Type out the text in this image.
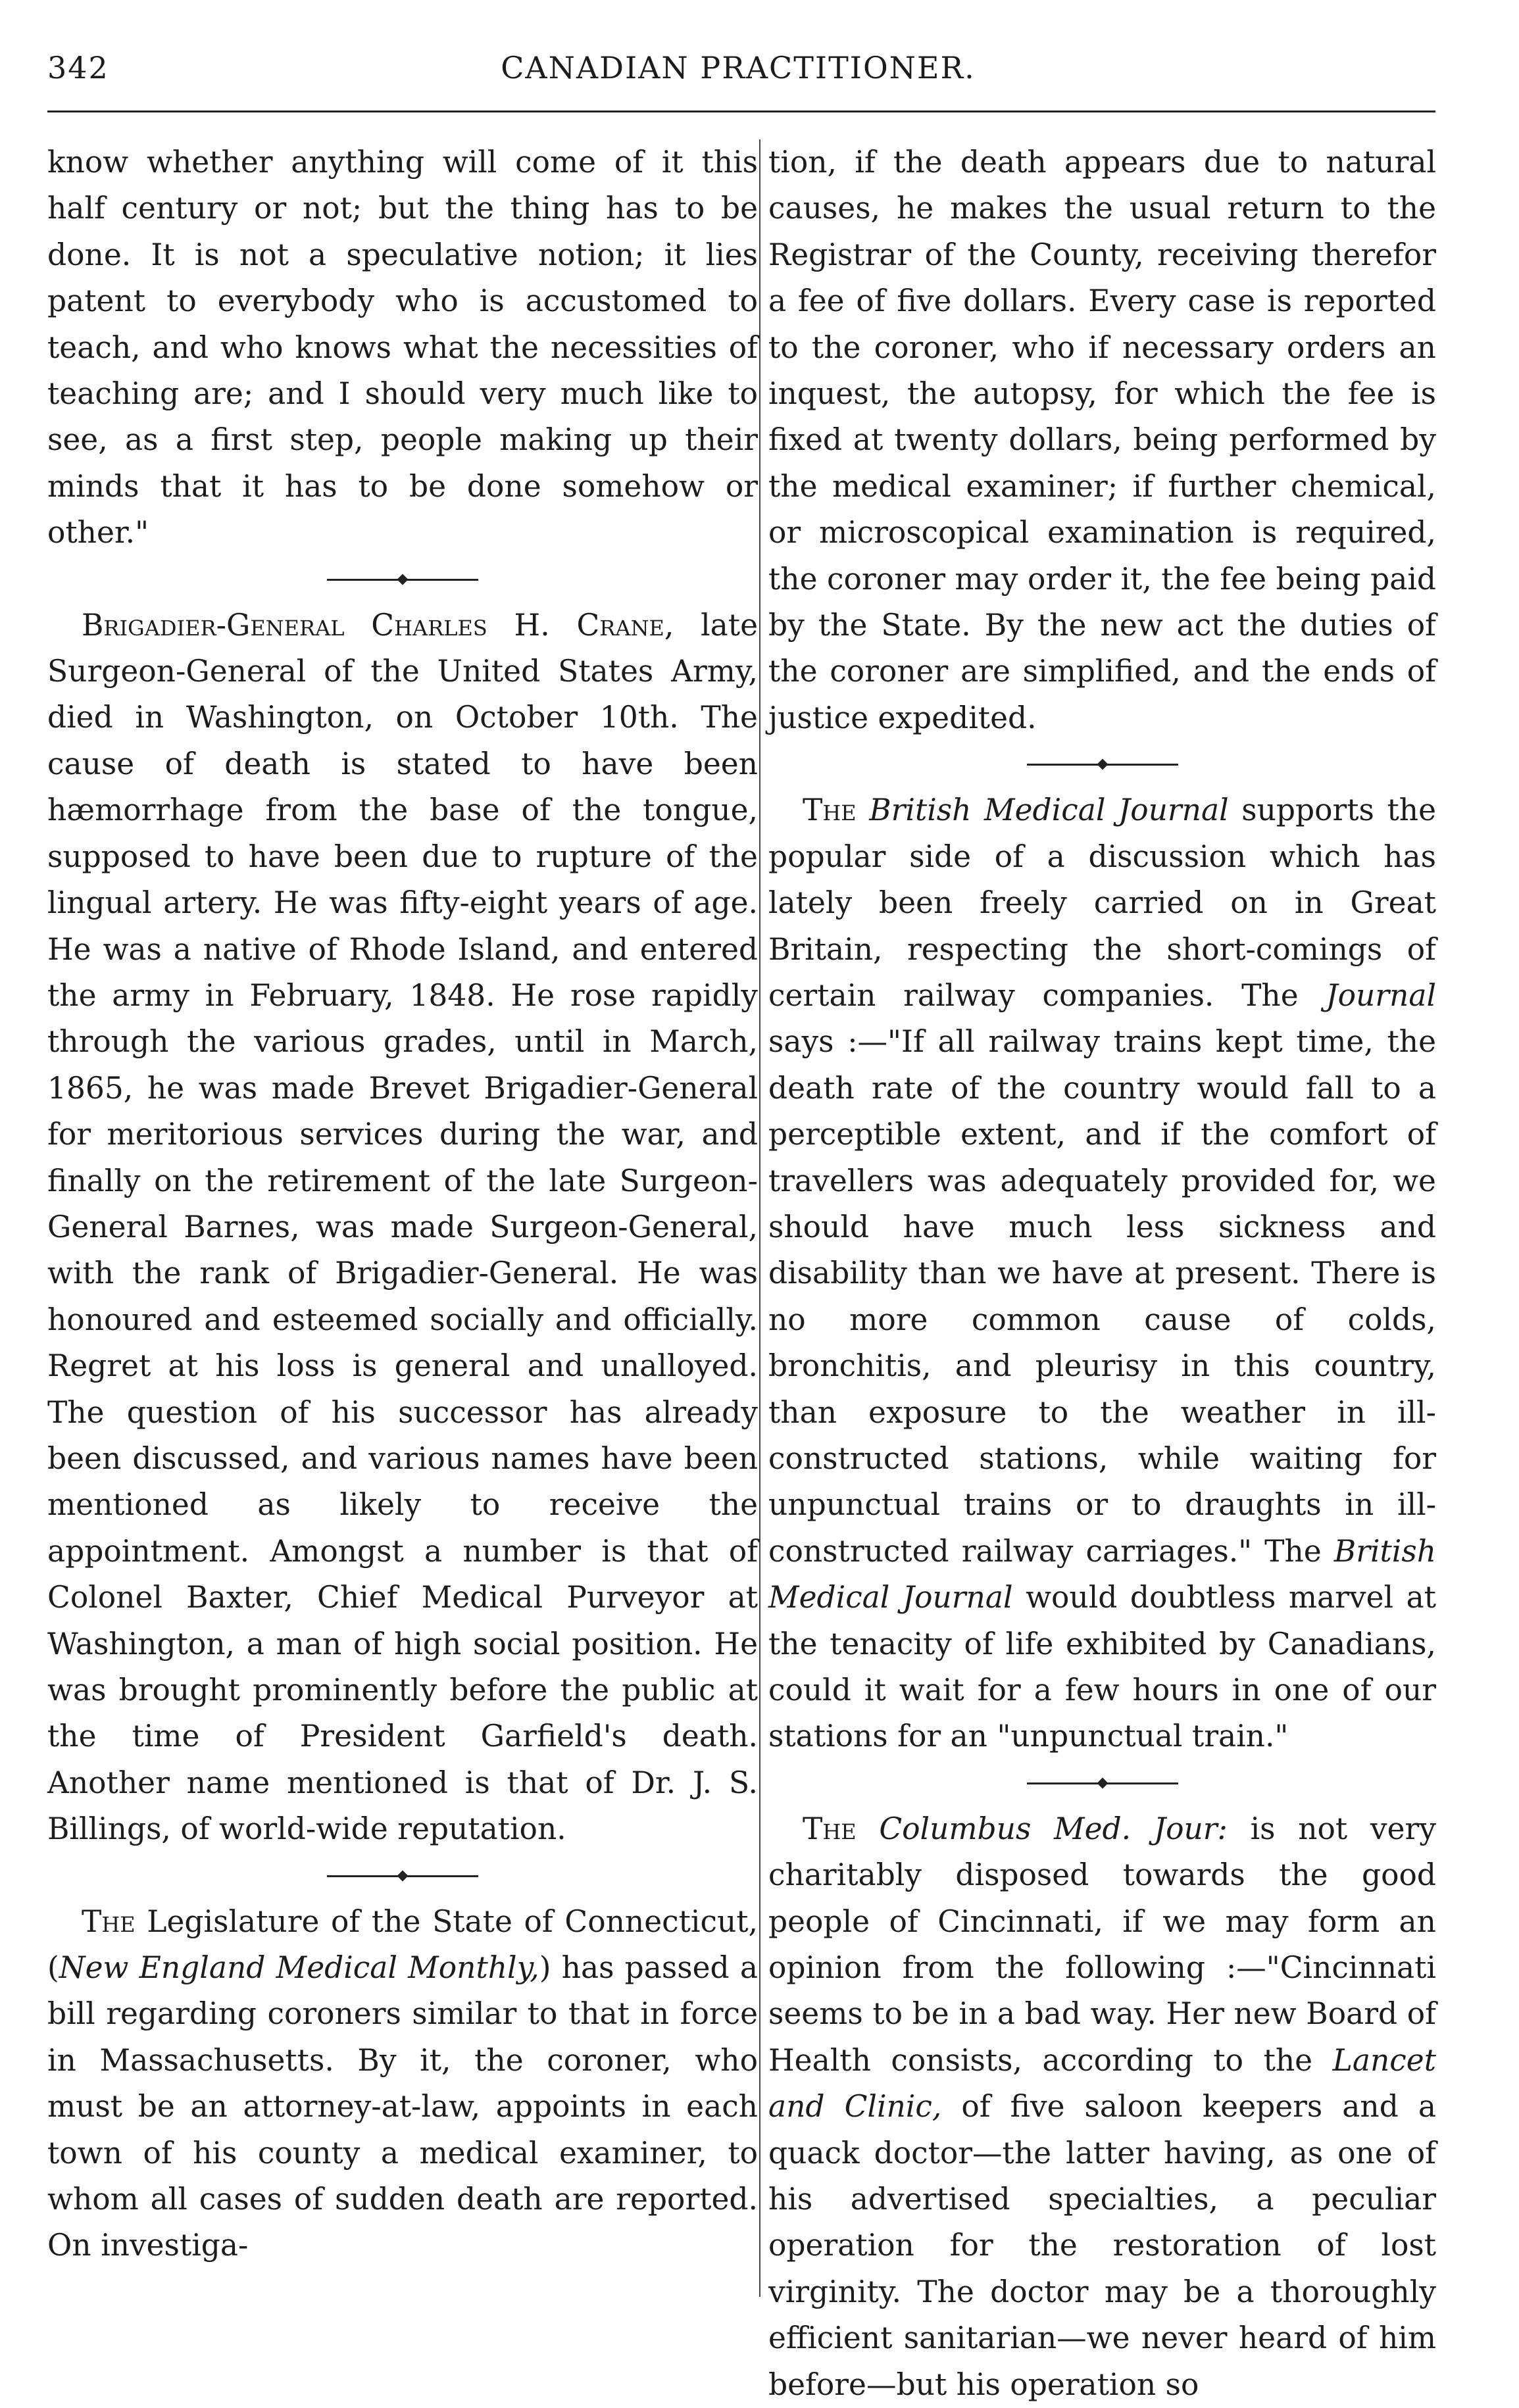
342	CANADIAN PRACTITIONER.

know whether anything will come of it this half century or not; but the thing has to be done. It is not a speculative notion; it lies patent to everybody who is accustomed to teach, and who knows what the necessities of teaching are; and I should very much like to see, as a first step, people making up their minds that it has to be done somehow or other."

Brigadier-General Charles H. Crane, late Surgeon-General of the United States Army, died in Washington, on October 10th. The cause of death is stated to have been hæmorrhage from the base of the tongue, supposed to have been due to rupture of the lingual artery. He was fifty-eight years of age. He was a native of Rhode Island, and entered the army in February, 1848. He rose rapidly through the various grades, until in March, 1865, he was made Brevet Brigadier-General for meritorious services during the war, and finally on the retirement of the late Surgeon-General Barnes, was made Surgeon-General, with the rank of Brigadier-General. He was honoured and esteemed socially and officially. Regret at his loss is general and unalloyed. The question of his successor has already been discussed, and various names have been mentioned as likely to receive the appointment. Amongst a number is that of Colonel Baxter, Chief Medical Purveyor at Washington, a man of high social position. He was brought prominently before the public at the time of President Garfield's death. Another name mentioned is that of Dr. J. S. Billings, of world-wide reputation.

The Legislature of the State of Connecticut, (New England Medical Monthly,) has passed a bill regarding coroners similar to that in force in Massachusetts. By it, the coroner, who must be an attorney-at-law, appoints in each town of his county a medical examiner, to whom all cases of sudden death are reported. On investiga-

tion, if the death appears due to natural causes, he makes the usual return to the Registrar of the County, receiving therefor a fee of five dollars. Every case is reported to the coroner, who if necessary orders an inquest, the autopsy, for which the fee is fixed at twenty dollars, being performed by the medical examiner; if further chemical, or microscopical examination is required, the coroner may order it, the fee being paid by the State. By the new act the duties of the coroner are simplified, and the ends of justice expedited.

The British Medical Journal supports the popular side of a discussion which has lately been freely carried on in Great Britain, respecting the short-comings of certain railway companies. The Journal says :—"If all railway trains kept time, the death rate of the country would fall to a perceptible extent, and if the comfort of travellers was adequately provided for, we should have much less sickness and disability than we have at present. There is no more common cause of colds, bronchitis, and pleurisy in this country, than exposure to the weather in ill-constructed stations, while waiting for unpunctual trains or to draughts in ill-constructed railway carriages." The British Medical Journal would doubtless marvel at the tenacity of life exhibited by Canadians, could it wait for a few hours in one of our stations for an "unpunctual train."

The Columbus Med. Jour: is not very charitably disposed towards the good people of Cincinnati, if we may form an opinion from the following :—"Cincinnati seems to be in a bad way. Her new Board of Health consists, according to the Lancet and Clinic, of five saloon keepers and a quack doctor—the latter having, as one of his advertised specialties, a peculiar operation for the restoration of lost virginity. The doctor may be a thoroughly efficient sanitarian—we never heard of him before—but his operation so
